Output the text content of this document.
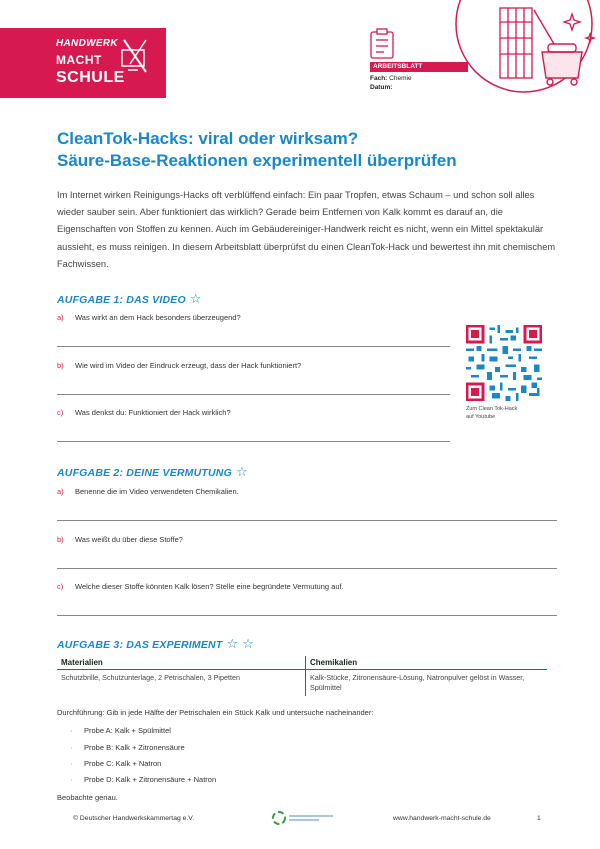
HANDWERK
MACHT
SCHULE
ARBEITSBLATT
Fach: Chemie
Datum:
CleanTok-Hacks: viral oder wirksam?
Säure-Base-Reaktionen experimentell überprüfen
Im Internet wirken Reinigungs-Hacks oft verblüffend einfach: Ein paar Tropfen, etwas Schaum – und schon soll alles wieder sauber sein. Aber funktioniert das wirklich? Gerade beim Entfernen von Kalk kommt es darauf an, die Eigenschaften von Stoffen zu kennen. Auch im Gebäudereiniger-Handwerk reicht es nicht, wenn ein Mittel spektakulär aussieht, es muss reinigen. In diesem Arbeitsblatt überprüfst du einen CleanTok-Hack und bewertest ihn mit chemischem Fachwissen.
AUFGABE 1: DAS VIDEO ☆
a) Was wirkt an dem Hack besonders überzeugend?
b) Wie wird im Video der Eindruck erzeugt, dass der Hack funktioniert?
c) Was denkst du: Funktioniert der Hack wirklich?	Zum Clean Tok-Hack
auf Youtube
AUFGABE 2: DEINE VERMUTUNG ☆
a) Benenne die im Video verwendeten Chemikalien.
b) Was weißt du über diese Stoffe?
c) Welche dieser Stoffe könnten Kalk lösen? Stelle eine begründete Vermutung auf.
AUFGABE 3: DAS EXPERIMENT ☆ ☆
Materialien	Chemikalien
Schutzbrille, Schutzunterlage, 2 Petrischalen, 3 Pipetten	Kalk-Stücke, Zitronensäure-Lösung, Natronpulver gelöst in Wasser, Spülmittel
Durchführung: Gib in jede Hälfte der Petrischalen ein Stück Kalk und untersuche nacheinander:
· Probe A: Kalk + Spülmittel
· Probe B: Kalk + Zitronensäure
· Probe C: Kalk + Natron
· Probe D: Kalk + Zitronensäure + Natron
Beobachte genau.
© Deutscher Handwerkskammertag e.V.	www.handwerk-macht-schule.de	1
